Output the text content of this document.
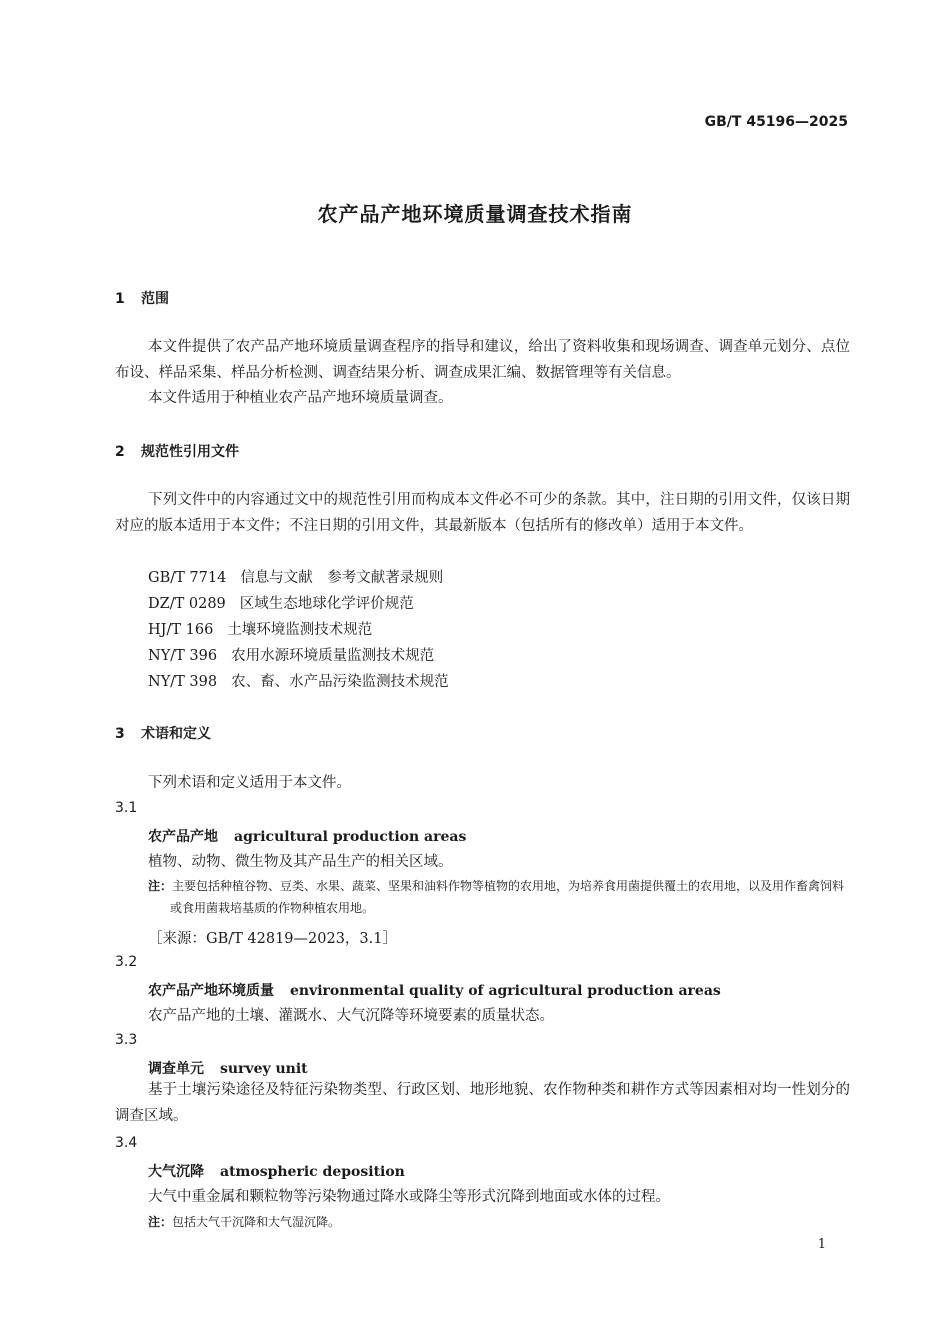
GB/T 45196—2025
农产品产地环境质量调查技术指南
1 范围
本文件提供了农产品产地环境质量调查程序的指导和建议，给出了资料收集和现场调查、调查单元划分、点位布设、样品采集、样品分析检测、调查结果分析、调查成果汇编、数据管理等有关信息。
本文件适用于种植业农产品产地环境质量调查。
2 规范性引用文件
下列文件中的内容通过文中的规范性引用而构成本文件必不可少的条款。其中，注日期的引用文件，仅该日期对应的版本适用于本文件；不注日期的引用文件，其最新版本（包括所有的修改单）适用于本文件。
GB/T 7714 信息与文献　参考文献著录规则
DZ/T 0289 区域生态地球化学评价规范
HJ/T 166 土壤环境监测技术规范
NY/T 396 农用水源环境质量监测技术规范
NY/T 398 农、畜、水产品污染监测技术规范
3 术语和定义
下列术语和定义适用于本文件。
3.1
农产品产地 agricultural production areas
植物、动物、微生物及其产品生产的相关区域。
注：主要包括种植谷物、豆类、水果、蔬菜、坚果和油料作物等植物的农用地，为培养食用菌提供覆土的农用地，以及用作畜禽饲料或食用菌栽培基质的作物种植农用地。
［来源：GB/T 42819—2023，3.1］
3.2
农产品产地环境质量 environmental quality of agricultural production areas
农产品产地的土壤、灌溉水、大气沉降等环境要素的质量状态。
3.3
调查单元 survey unit
基于土壤污染途径及特征污染物类型、行政区划、地形地貌、农作物种类和耕作方式等因素相对均一性划分的调查区域。
3.4
大气沉降 atmospheric deposition
大气中重金属和颗粒物等污染物通过降水或降尘等形式沉降到地面或水体的过程。
注：包括大气干沉降和大气湿沉降。
1
